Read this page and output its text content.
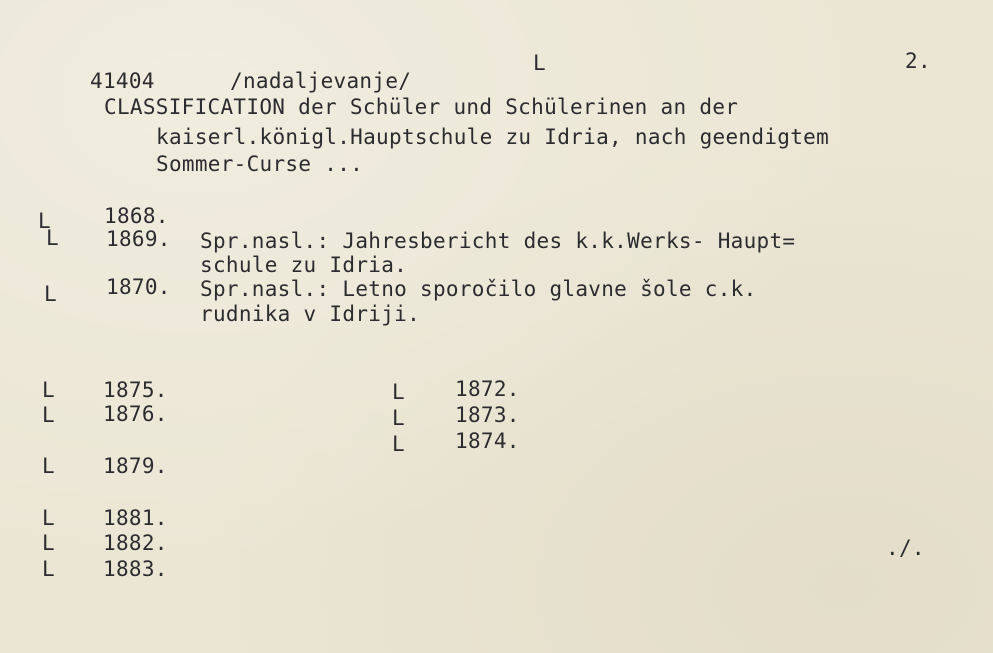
41404	/nadaljevanje/
L	2.
CLASSIFICATION der Schüler und Schülerinen an der
kaiserl.königl.Hauptschule zu Idria, nach geendigtem
Sommer-Curse ...
L	1868.
L 1869. Spr.nasl.: Jahresbericht des k.k.Werks- Haupt=
schule zu Idria.
L 1870. Spr.nasl.: Letno sporočilo glavne šole c.k.
rudnika v Idriji.
L 1875.
L 1876.
L 1879.
L 1881.
L 1882.
L 1883.
L 1872.
L 1873.
L 1874.
./.
